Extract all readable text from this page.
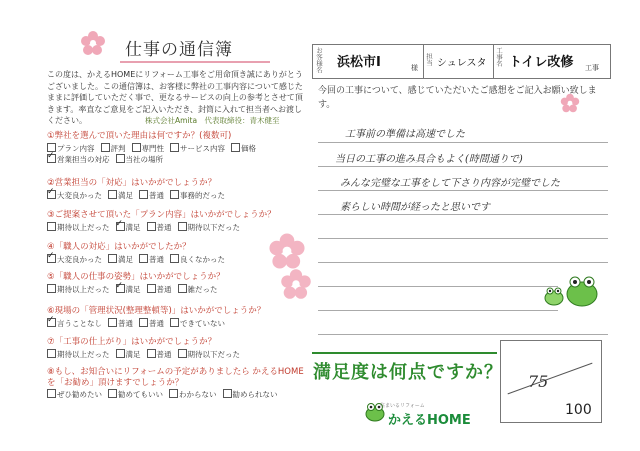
仕事の通信簿
この度は、かえるHOMEにリフォーム工事をご用命頂き誠にありがとうございました。この通信簿は、お客様に弊社の工事内容について感じたままに評価していただく事で、更なるサービスの向上の参考とさせて頂きます。率直なご意見をご記入いただき、封筒に入れて担当者へお渡しください。	株式会社Amita　代表取締役：青木健至
①弊社を選んで頂いた理由は何ですか？(複数可)
プラン内容 評判 専門性 サービス内容 価格
✓営業担当の対応 当社の場所
②営業担当の「対応」はいかがでしょうか？
✓大変良かった 満足 普通 事務的だった
③ご提案させて頂いた「プラン内容」はいかがでしょうか？
期待以上だった ✓ 満足 普通 期待以下だった
④「職人の対応」はいかがでしたか？
✓大変良かった 満足 普通 良くなかった
⑤「職人の仕事の姿勢」はいかがでしょうか？
期待以上だった ✓ 満足 普通 雑だった
⑥現場の「管理状況(整理整頓等)」はいかがでしょうか？
✓言うことなし 普通 普通 できていない
⑦「工事の仕上がり」はいかがでしょうか？
期待以上だった 満足 普通 期待以下だった
⑧もし、お知合いにリフォームの予定がありましたら かえるHOMEを「お勧め」頂けますでしょうか？
ぜひ勧めたい 勧めてもいい わからない 勧められない
お客様名 浜松市I	様
担当 シュレスタ 工事名 トイレ改修 工事
今回の工事について、感じていただいたご感想をご記入お願い致します。
工事前の準備は高速でした
当日の工事の進み具合もよく(時間通りで)
みんな完璧な工事をして下さり内容が完璧でした
素らしい時間が経ったと思いです
満足度は何点ですか？ 75
100
住まいるリフォーム
かえるHOME
